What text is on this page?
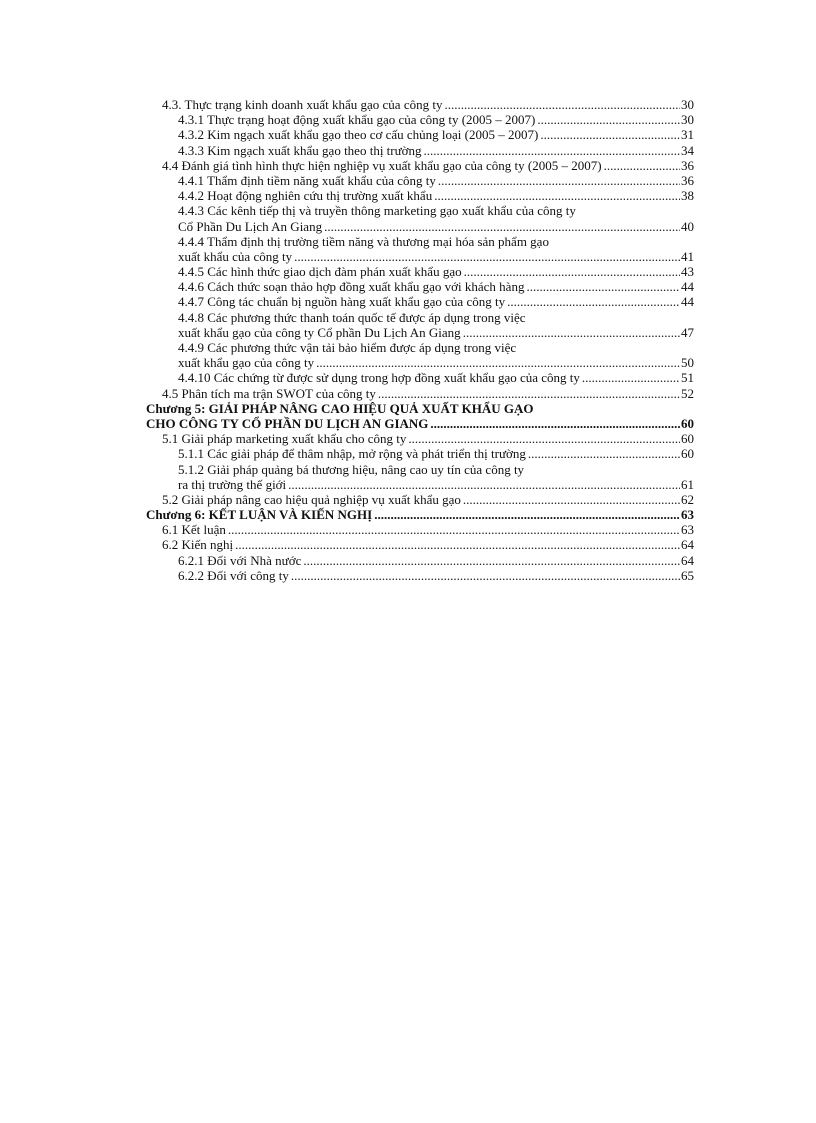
4.3. Thực trạng kinh doanh xuất khẩu gạo của công ty .....	30
4.3.1 Thực trạng hoạt động xuất khẩu gạo của công ty (2005 – 2007) .....	30
4.3.2 Kim ngạch xuất khẩu gạo theo cơ cấu chủng loại (2005 – 2007) .....	31
4.3.3 Kim ngạch xuất khẩu gạo theo thị trường .....	34
4.4 Đánh giá tình hình thực hiện nghiệp vụ xuất khẩu gạo của công ty (2005 – 2007) .....	36
4.4.1 Thẩm định tiềm năng xuất khẩu của công ty .....	36
4.4.2 Hoạt động nghiên cứu thị trường xuất khẩu .....	38
4.4.3 Các kênh tiếp thị và truyền thông marketing gạo xuất khẩu của công ty
Cổ Phần Du Lịch An Giang .....	40
4.4.4 Thẩm định thị trường tiềm năng và thương mại hóa sản phẩm gạo
xuất khẩu của công ty .....	41
4.4.5 Các hình thức giao dịch đàm phán xuất khẩu gạo .....	43
4.4.6 Cách thức soạn thảo hợp đồng xuất khẩu gạo với khách hàng .....	44
4.4.7 Công tác chuẩn bị nguồn hàng xuất khẩu gạo của công ty .....	44
4.4.8 Các phương thức thanh toán quốc tế được áp dụng trong việc
xuất khẩu gạo của công ty Cổ phần Du Lịch An Giang .....	47
4.4.9 Các phương thức vận tải bảo hiểm được áp dụng trong việc
xuất khẩu gạo của công ty .....	50
4.4.10 Các chứng từ được sử dụng trong hợp đồng xuất khẩu gạo của công ty .....	51
4.5 Phân tích ma trận SWOT của công ty .....	52
Chương 5: GIẢI PHÁP NÂNG CAO HIỆU QUẢ XUẤT KHẨU GẠO
CHO CÔNG TY CỔ PHẦN DU LỊCH AN GIANG .....	60
5.1 Giải pháp marketing xuất khẩu cho công ty .....	60
5.1.1 Các giải pháp để thâm nhập, mở rộng và phát triển thị trường .....	60
5.1.2 Giải pháp quảng bá thương hiệu, nâng cao uy tín của công ty
ra thị trường thế giới .....	61
5.2 Giải pháp nâng cao hiệu quả nghiệp vụ xuất khẩu gạo .....	62
Chương 6: KẾT LUẬN VÀ KIẾN NGHỊ .....	63
6.1 Kết luận .....	63
6.2 Kiến nghị .....	64
6.2.1 Đối với Nhà nước .....	64
6.2.2 Đối với công ty .....	65
